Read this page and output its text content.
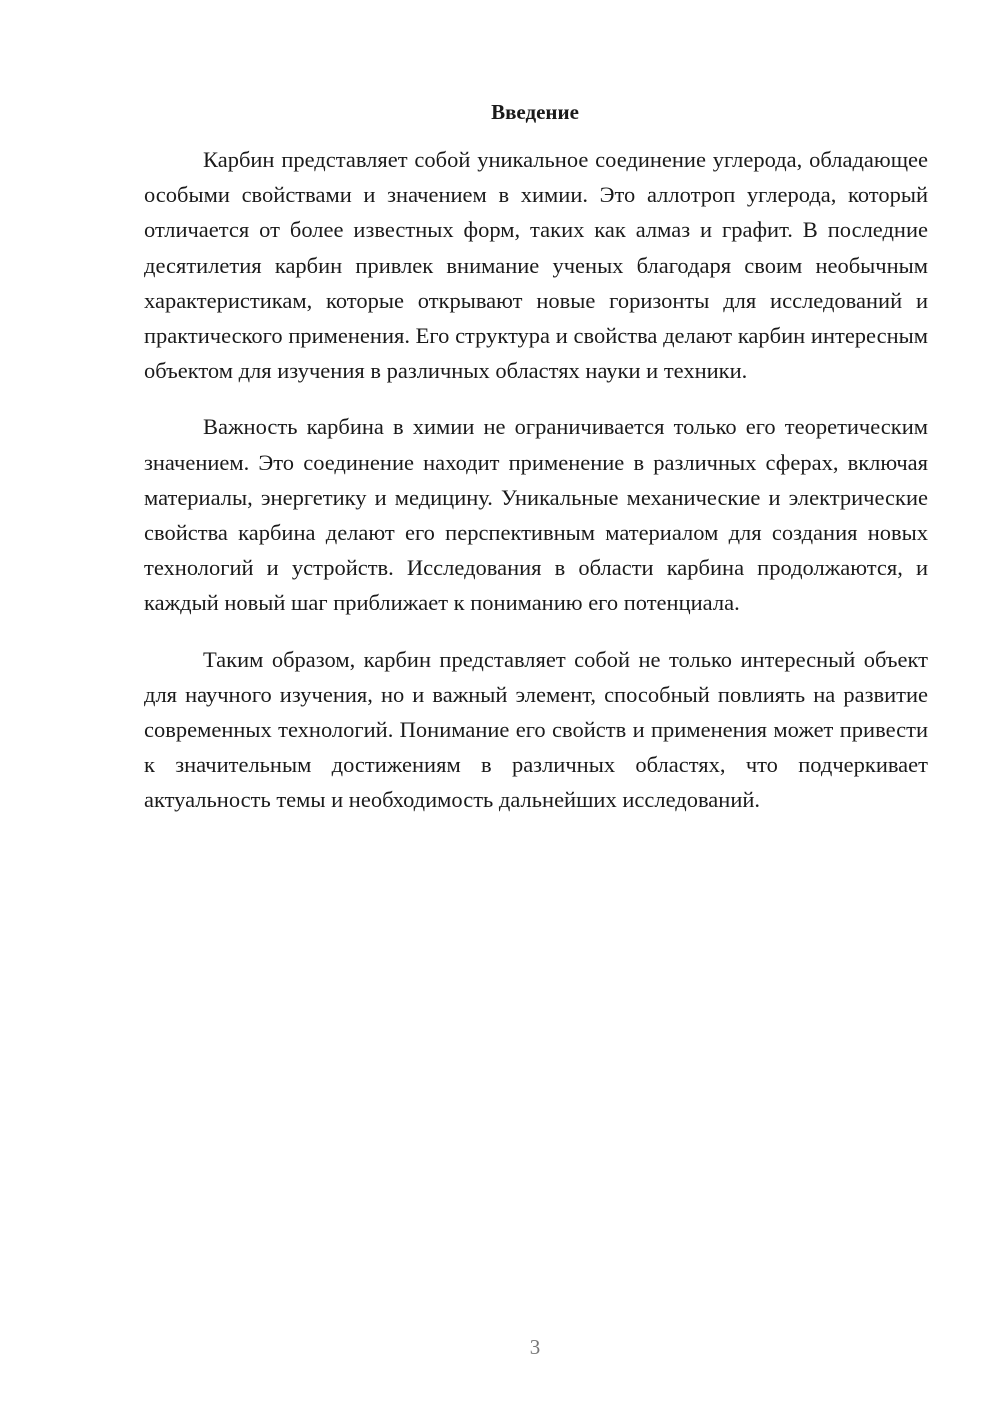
Введение

Карбин представляет собой уникальное соединение углерода, обладающее особыми свойствами и значением в химии. Это аллотроп углерода, который отличается от более известных форм, таких как алмаз и графит. В последние десятилетия карбин привлек внимание ученых благодаря своим необычным характеристикам, которые открывают новые горизонты для исследований и практического применения. Его структура и свойства делают карбин интересным объектом для изучения в различных областях науки и техники.

Важность карбина в химии не ограничивается только его теоретическим значением. Это соединение находит применение в различных сферах, включая материалы, энергетику и медицину. Уникальные механические и электрические свойства карбина делают его перспективным материалом для создания новых технологий и устройств. Исследования в области карбина продолжаются, и каждый новый шаг приближает к пониманию его потенциала.

Таким образом, карбин представляет собой не только интересный объект для научного изучения, но и важный элемент, способный повлиять на развитие современных технологий. Понимание его свойств и применения может привести к значительным достижениям в различных областях, что подчеркивает актуальность темы и необходимость дальнейших исследований.

3
